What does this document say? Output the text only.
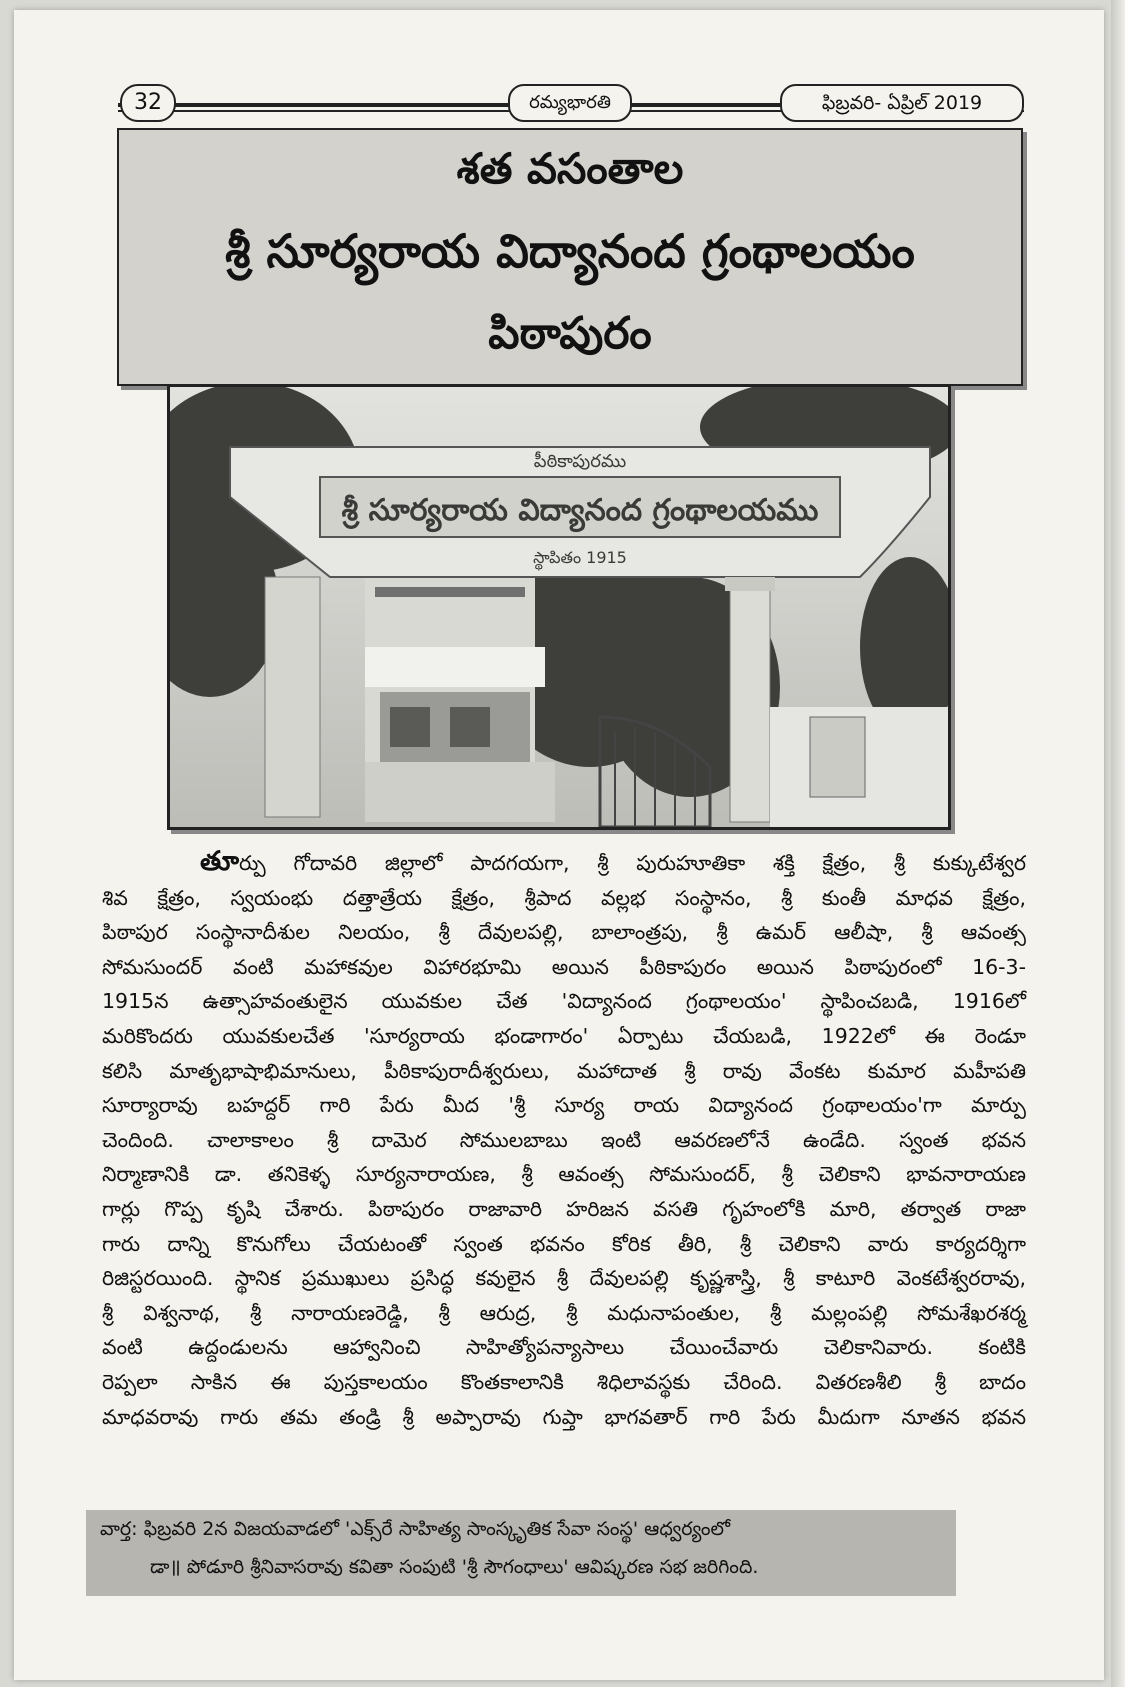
32	రమ్యభారతి	ఫిబ్రవరి- ఏప్రిల్ 2019
శత వసంతాల
శ్రీ సూర్యరాయ విద్యానంద గ్రంథాలయం
పిఠాపురం
శ్రీ సూర్యరాయ విద్యానంద గ్రంథాలయము
పీఠికాపురము
స్థాపితం 1915
తూర్పు గోదావరి జిల్లాలో పాదగయగా, శ్రీ పురుహూతికా శక్తి క్షేత్రం, శ్రీ కుక్కుటేశ్వర
శివ క్షేత్రం, స్వయంభు దత్తాత్రేయ క్షేత్రం, శ్రీపాద వల్లభ సంస్థానం, శ్రీ కుంతీ మాధవ క్షేత్రం,
పిఠాపుర సంస్థానాదీశుల నిలయం, శ్రీ దేవులపల్లి, బాలాంత్రపు, శ్రీ ఉమర్ ఆలీషా, శ్రీ ఆవంత్స
సోమసుందర్ వంటి మహాకవుల విహారభూమి అయిన పీఠికాపురం అయిన పిఠాపురంలో 16-3-
1915న ఉత్సాహవంతులైన యువకుల చేత 'విద్యానంద గ్రంథాలయం' స్థాపించబడి, 1916లో
మరికొందరు యువకులచేత 'సూర్యరాయ భండాగారం' ఏర్పాటు చేయబడి, 1922లో ఈ రెండూ
కలిసి మాతృభాషాభిమానులు, పీఠికాపురాదీశ్వరులు, మహాదాత శ్రీ రావు వేంకట కుమార మహీపతి
సూర్యారావు బహద్దర్ గారి పేరు మీద 'శ్రీ సూర్య రాయ విద్యానంద గ్రంథాలయం'గా మార్పు
చెందింది. చాలాకాలం శ్రీ దామెర సోములబాబు ఇంటి ఆవరణలోనే ఉండేది. స్వంత భవన
నిర్మాణానికి డా. తనికెళ్ళ సూర్యనారాయణ, శ్రీ ఆవంత్స సోమసుందర్, శ్రీ చెలికాని భావనారాయణ
గార్లు గొప్ప కృషి చేశారు. పిఠాపురం రాజావారి హరిజన వసతి గృహంలోకి మారి, తర్వాత రాజా
గారు దాన్ని కొనుగోలు చేయటంతో స్వంత భవనం కోరిక తీరి, శ్రీ చెలికాని వారు కార్యదర్శిగా
రిజిస్టరయింది. స్థానిక ప్రముఖులు ప్రసిద్ధ కవులైన శ్రీ దేవులపల్లి కృష్ణశాస్త్రి, శ్రీ కాటూరి వెంకటేశ్వరరావు,
శ్రీ విశ్వనాథ, శ్రీ నారాయణరెడ్డి, శ్రీ ఆరుద్ర, శ్రీ మధునాపంతుల, శ్రీ మల్లంపల్లి సోమశేఖరశర్మ
వంటి ఉద్దండులను ఆహ్వానించి సాహిత్యోపన్యాసాలు చేయించేవారు చెలికానివారు. కంటికి
రెప్పలా సాకిన ఈ పుస్తకాలయం కొంతకాలానికి శిధిలావస్థకు చేరింది. వితరణశీలి శ్రీ బాదం
మాధవరావు గారు తమ తండ్రి శ్రీ అప్పారావు గుప్తా భాగవతార్ గారి పేరు మీదుగా నూతన భవన
వార్త: ఫిబ్రవరి 2న విజయవాడలో 'ఎక్స్‌రే సాహిత్య సాంస్కృతిక సేవా సంస్థ' ఆధ్వర్యంలో
డా॥ పోడూరి శ్రీనివాసరావు కవితా సంపుటి 'శ్రీ సౌగంధాలు' ఆవిష్కరణ సభ జరిగింది.
